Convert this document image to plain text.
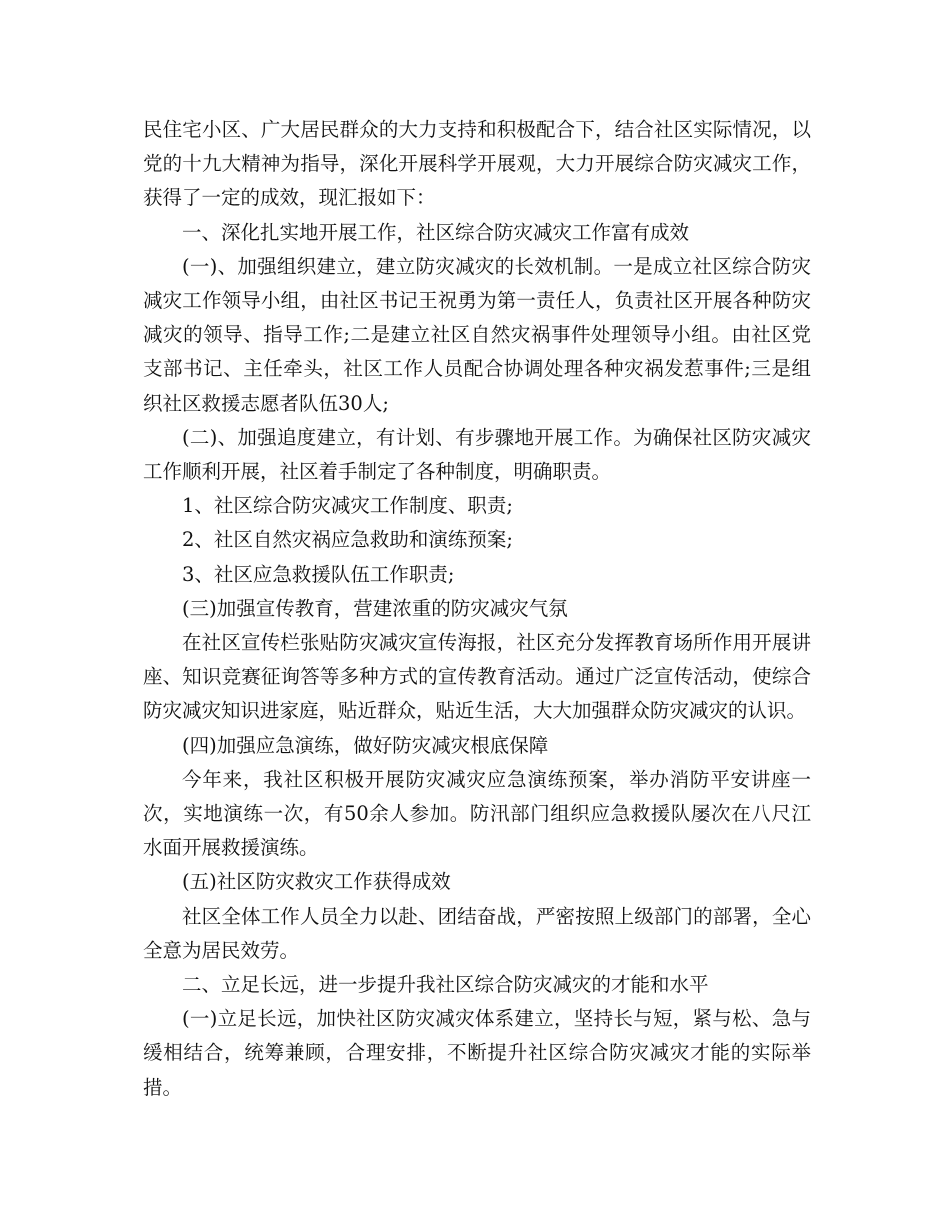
民住宅小区、广大居民群众的大力支持和积极配合下，结合社区实际情况，以党的十九大精神为指导，深化开展科学开展观，大力开展综合防灾减灾工作，获得了一定的成效，现汇报如下：

一、深化扎实地开展工作，社区综合防灾减灾工作富有成效

(一)、加强组织建立，建立防灾减灾的长效机制。一是成立社区综合防灾减灾工作领导小组，由社区书记王祝勇为第一责任人，负责社区开展各种防灾减灾的领导、指导工作;二是建立社区自然灾祸事件处理领导小组。由社区党支部书记、主任牵头，社区工作人员配合协调处理各种灾祸发惹事件;三是组织社区救援志愿者队伍30人;

(二)、加强追度建立，有计划、有步骤地开展工作。为确保社区防灾减灾工作顺利开展，社区着手制定了各种制度，明确职责。

1、社区综合防灾减灾工作制度、职责;

2、社区自然灾祸应急救助和演练预案;

3、社区应急救援队伍工作职责;

(三)加强宣传教育，营建浓重的防灾减灾气氛

在社区宣传栏张贴防灾减灾宣传海报，社区充分发挥教育场所作用开展讲座、知识竞赛征询答等多种方式的宣传教育活动。通过广泛宣传活动，使综合防灾减灾知识进家庭，贴近群众，贴近生活，大大加强群众防灾减灾的认识。

(四)加强应急演练，做好防灾减灾根底保障

今年来，我社区积极开展防灾减灾应急演练预案，举办消防平安讲座一次，实地演练一次，有50余人参加。防汛部门组织应急救援队屡次在八尺江水面开展救援演练。

(五)社区防灾救灾工作获得成效

社区全体工作人员全力以赴、团结奋战，严密按照上级部门的部署，全心全意为居民效劳。

二、立足长远，进一步提升我社区综合防灾减灾的才能和水平

(一)立足长远，加快社区防灾减灾体系建立，坚持长与短，紧与松、急与缓相结合，统筹兼顾，合理安排，不断提升社区综合防灾减灾才能的实际举措。
